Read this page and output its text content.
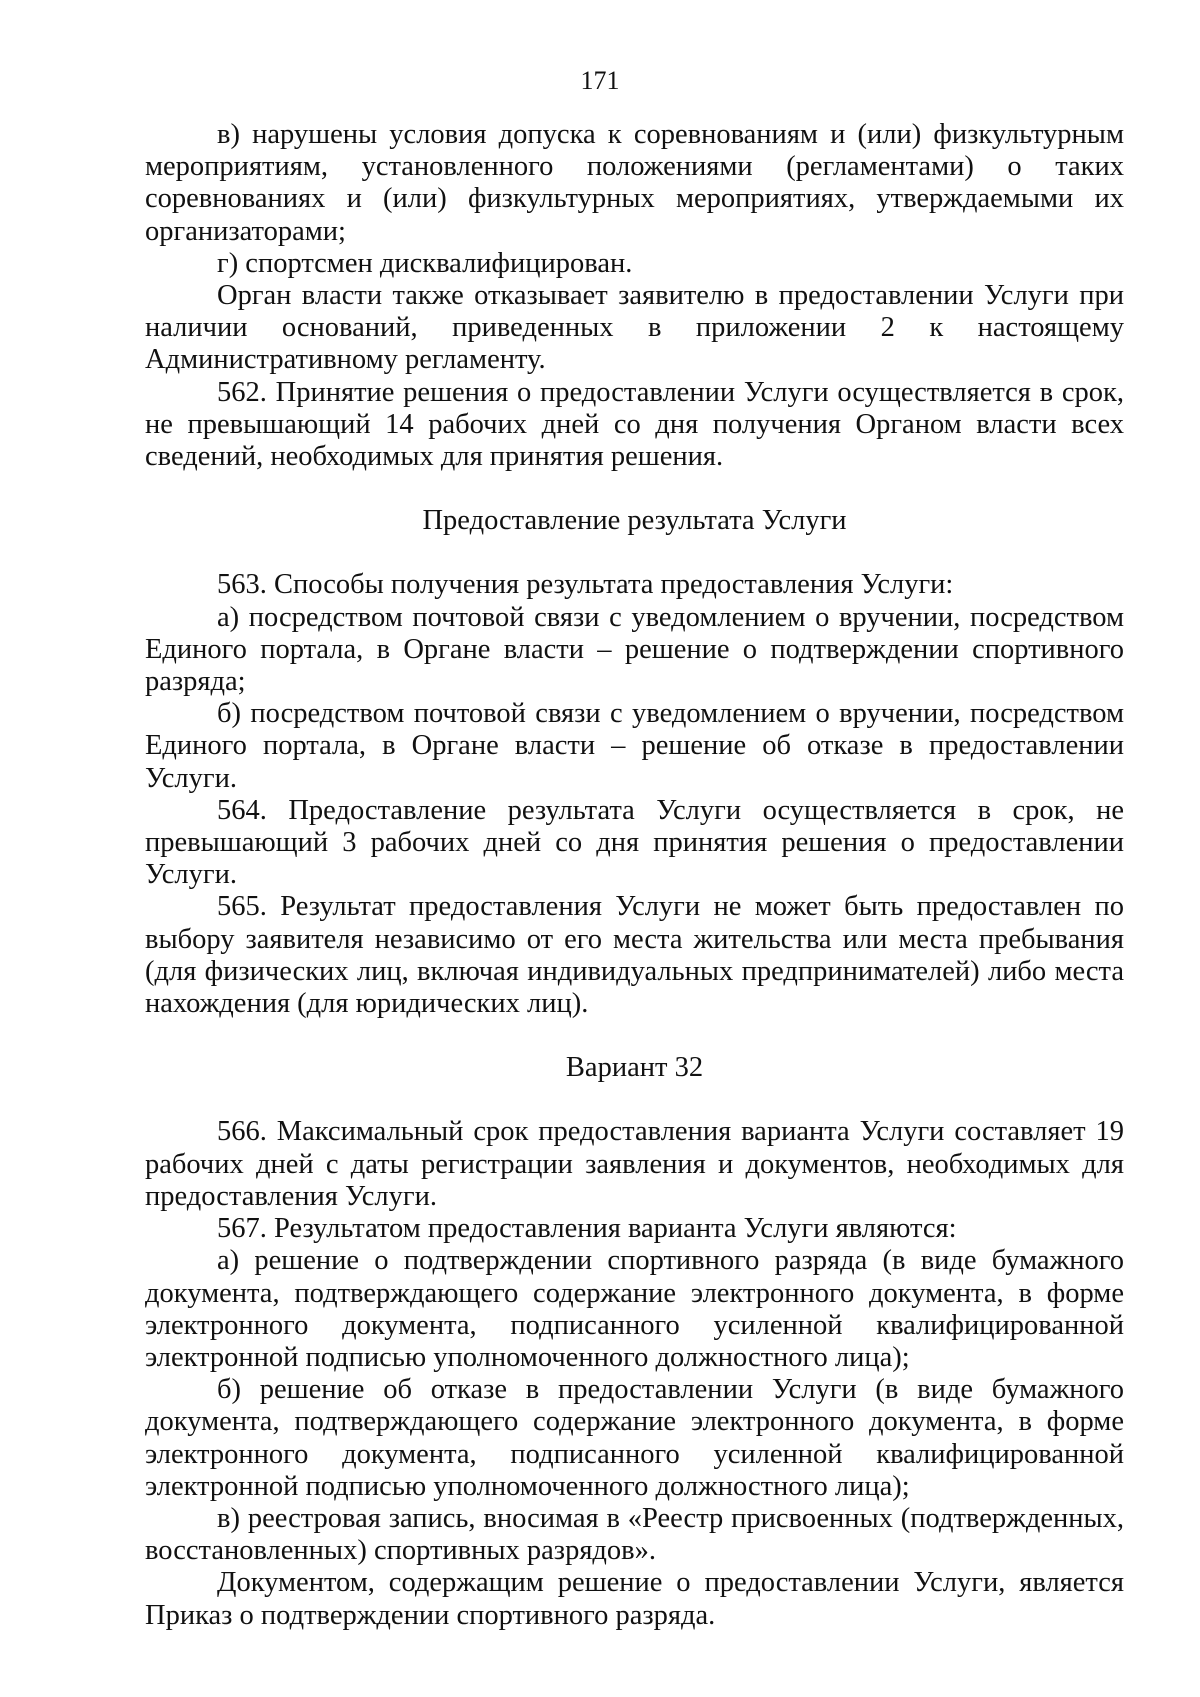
171

в) нарушены условия допуска к соревнованиям и (или) физкультурным мероприятиям, установленного положениями (регламентами) о таких соревнованиях и (или) физкультурных мероприятиях, утверждаемыми их организаторами;

г) спортсмен дисквалифицирован.

Орган власти также отказывает заявителю в предоставлении Услуги при наличии оснований, приведенных в приложении 2 к настоящему Административному регламенту.

562. Принятие решения о предоставлении Услуги осуществляется в срок, не превышающий 14 рабочих дней со дня получения Органом власти всех сведений, необходимых для принятия решения.

Предоставление результата Услуги

563. Способы получения результата предоставления Услуги:

а) посредством почтовой связи с уведомлением о вручении, посредством Единого портала, в Органе власти – решение о подтверждении спортивного разряда;

б) посредством почтовой связи с уведомлением о вручении, посредством Единого портала, в Органе власти – решение об отказе в предоставлении Услуги.

564. Предоставление результата Услуги осуществляется в срок, не превышающий 3 рабочих дней со дня принятия решения о предоставлении Услуги.

565. Результат предоставления Услуги не может быть предоставлен по выбору заявителя независимо от его места жительства или места пребывания (для физических лиц, включая индивидуальных предпринимателей) либо места нахождения (для юридических лиц).

Вариант 32

566. Максимальный срок предоставления варианта Услуги составляет 19 рабочих дней с даты регистрации заявления и документов, необходимых для предоставления Услуги.

567. Результатом предоставления варианта Услуги являются:

а) решение о подтверждении спортивного разряда (в виде бумажного документа, подтверждающего содержание электронного документа, в форме электронного документа, подписанного усиленной квалифицированной электронной подписью уполномоченного должностного лица);

б) решение об отказе в предоставлении Услуги (в виде бумажного документа, подтверждающего содержание электронного документа, в форме электронного документа, подписанного усиленной квалифицированной электронной подписью уполномоченного должностного лица);

в) реестровая запись, вносимая в «Реестр присвоенных (подтвержденных, восстановленных) спортивных разрядов».

Документом, содержащим решение о предоставлении Услуги, является Приказ о подтверждении спортивного разряда.
